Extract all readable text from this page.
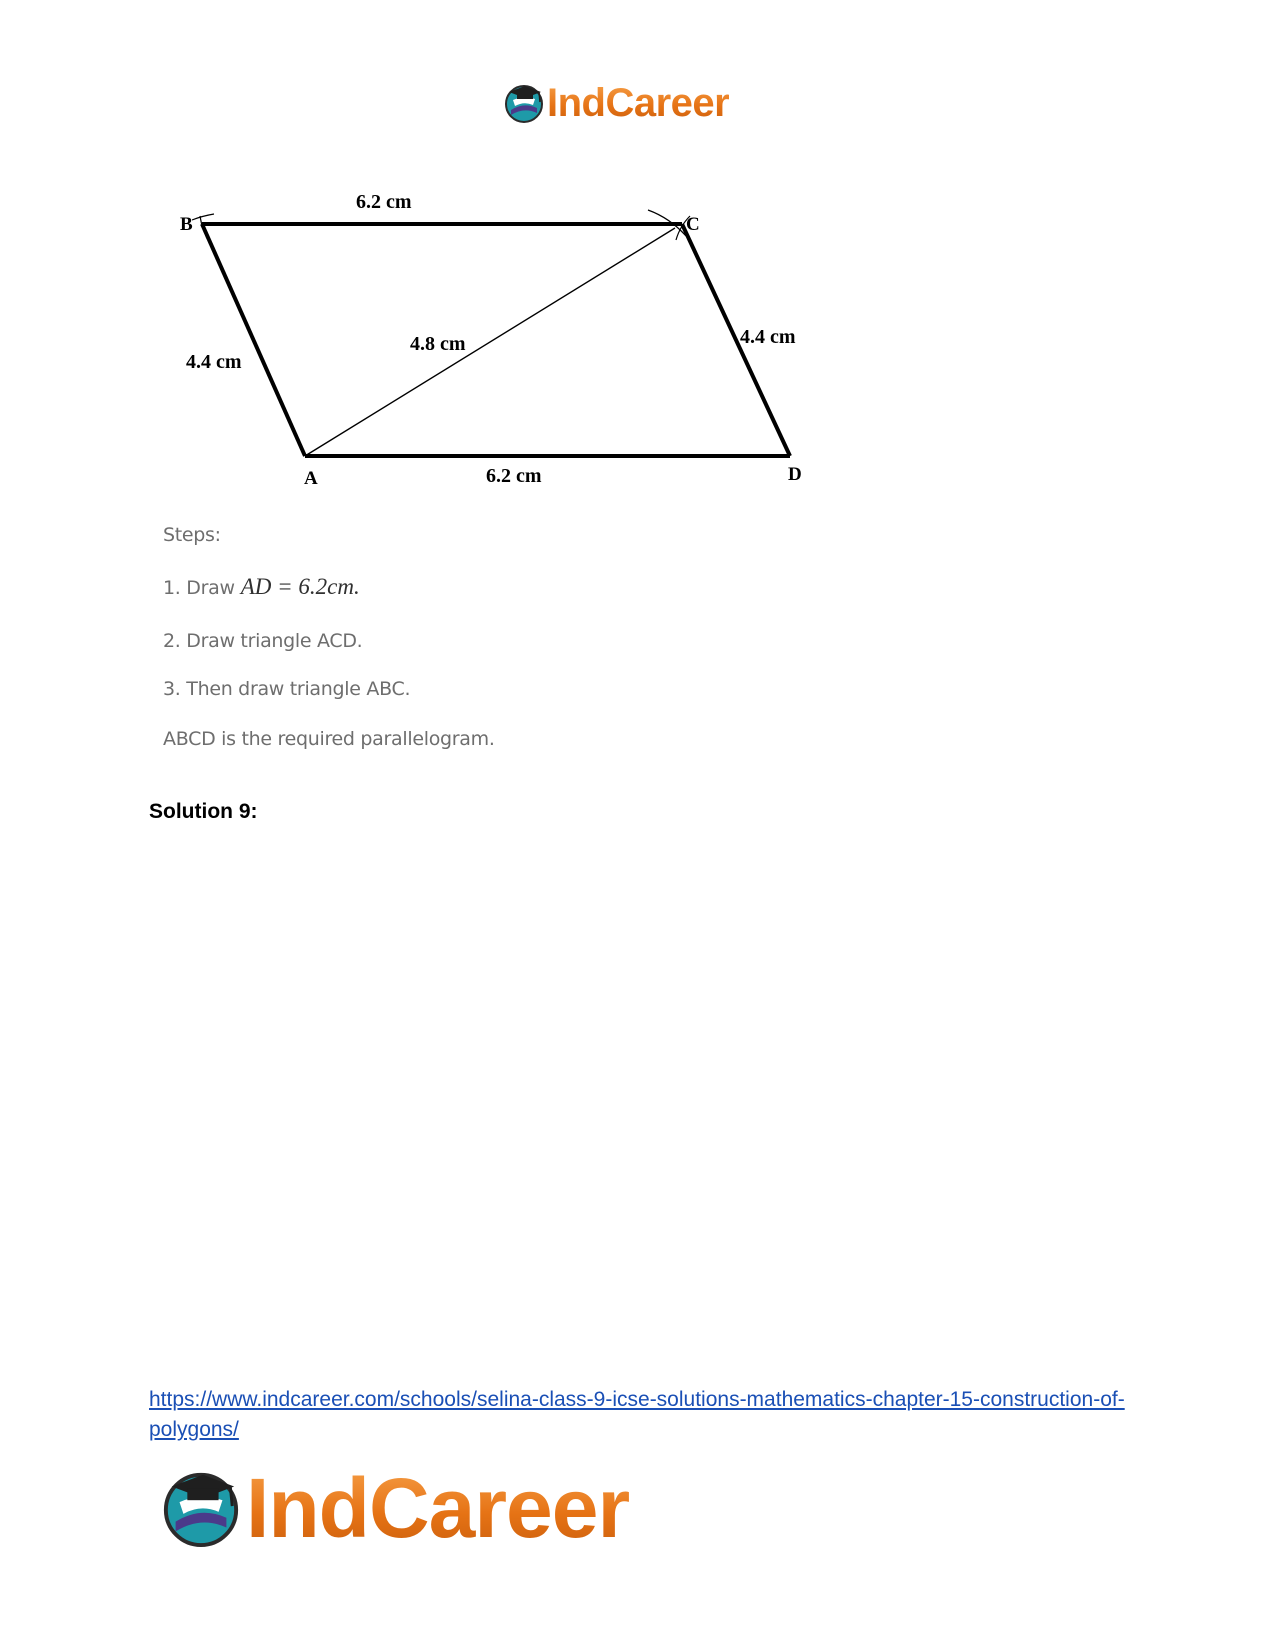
IndCareer
B	C
A	D
6.2 cm
6.2 cm
4.4 cm
4.4 cm
4.8 cm

Steps:

1. Draw AD = 6.2cm.

2. Draw triangle ACD.

3. Then draw triangle ABC.

ABCD is the required parallelogram.

Solution 9:

https://www.indcareer.com/schools/selina-class-9-icse-solutions-mathematics-chapter-15-construction-of-polygons/
IndCareer
